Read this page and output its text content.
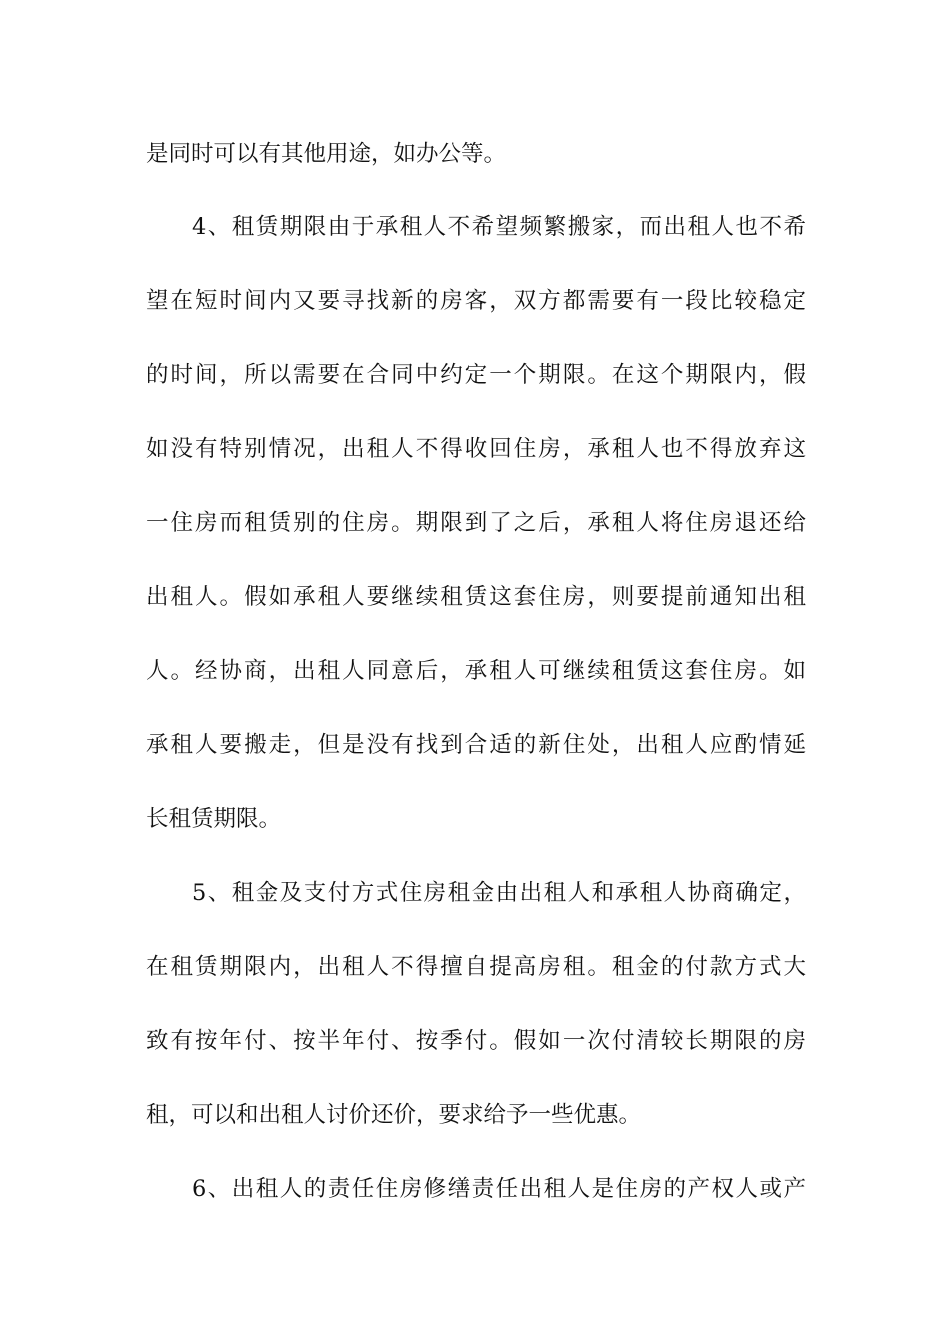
是同时可以有其他用途，如办公等。
4、租赁期限由于承租人不希望频繁搬家，而出租人也不希
望在短时间内又要寻找新的房客，双方都需要有一段比较稳定
的时间，所以需要在合同中约定一个期限。在这个期限内，假
如没有特别情况，出租人不得收回住房，承租人也不得放弃这
一住房而租赁别的住房。期限到了之后，承租人将住房退还给
出租人。假如承租人要继续租赁这套住房，则要提前通知出租
人。经协商，出租人同意后，承租人可继续租赁这套住房。如
承租人要搬走，但是没有找到合适的新住处，出租人应酌情延
长租赁期限。
5、租金及支付方式住房租金由出租人和承租人协商确定，
在租赁期限内，出租人不得擅自提高房租。租金的付款方式大
致有按年付、按半年付、按季付。假如一次付清较长期限的房
租，可以和出租人讨价还价，要求给予一些优惠。
6、出租人的责任住房修缮责任出租人是住房的产权人或产
